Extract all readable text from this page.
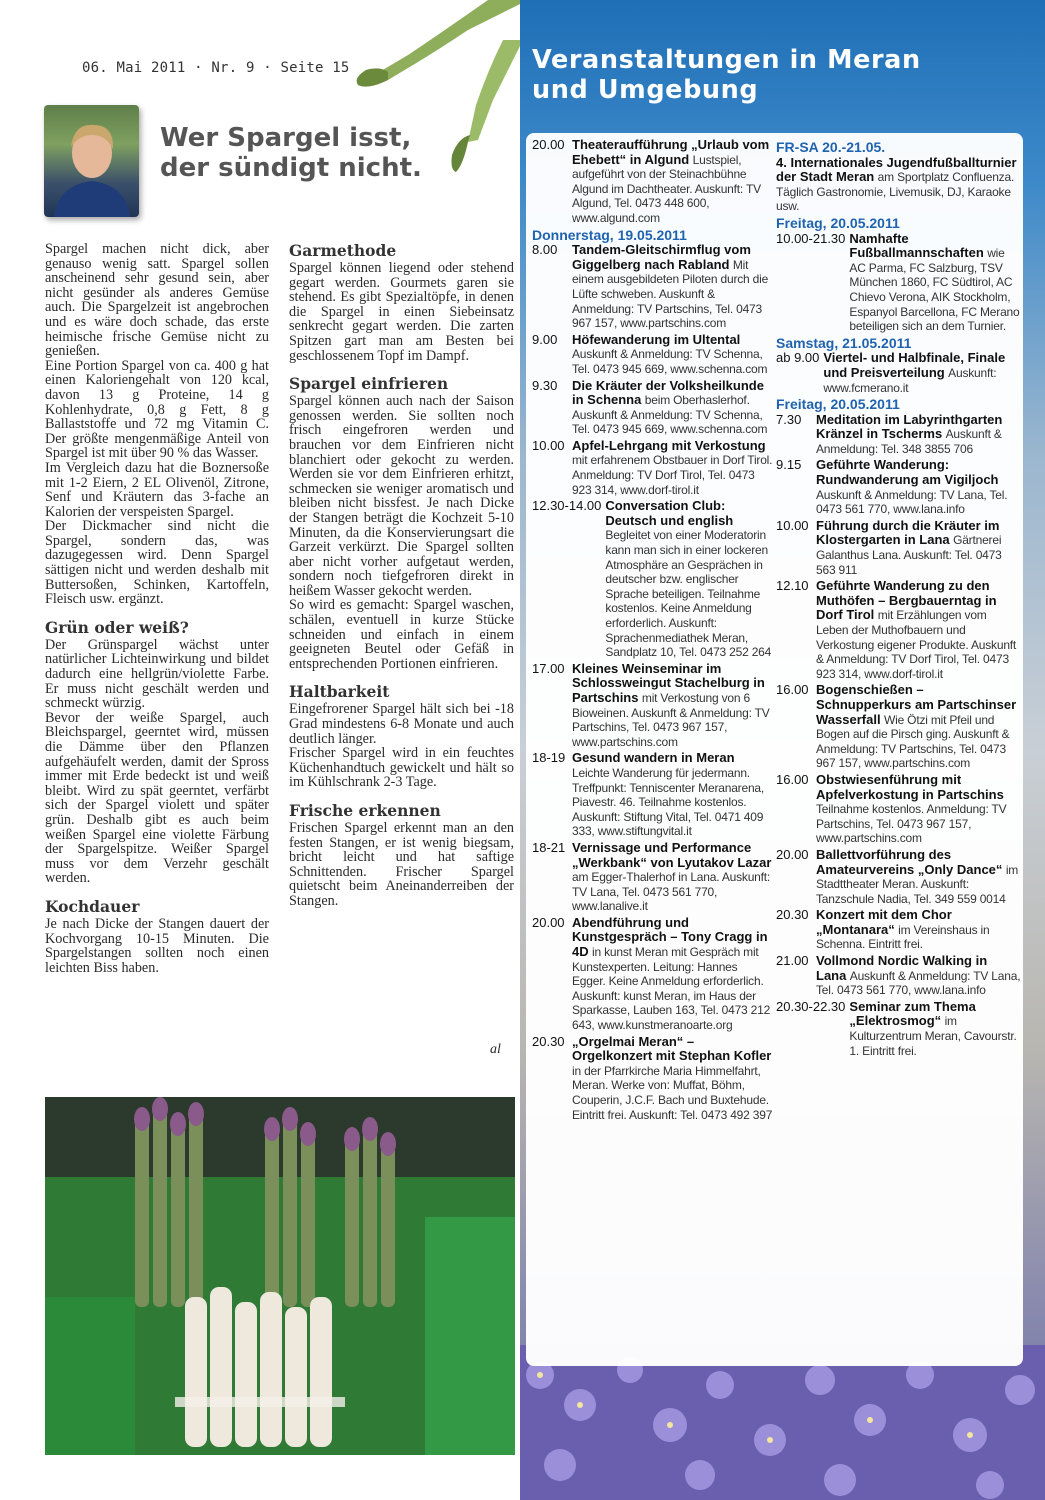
06. Mai 2011 · Nr. 9 · Seite 15
Wer Spargel isst,
der sündigt nicht.

Spargel machen nicht dick, aber genauso wenig satt. Spargel sollen anscheinend sehr gesund sein, aber nicht gesünder als anderes Gemüse auch. Die Spargelzeit ist angebrochen und es wäre doch schade, das erste heimische frische Gemüse nicht zu genießen.

Eine Portion Spargel von ca. 400 g hat einen Kaloriengehalt von 120 kcal, davon 13 g Proteine, 14 g Kohlenhydrate, 0,8 g Fett, 8 g Ballaststoffe und 72 mg Vitamin C. Der größte mengenmäßige Anteil von Spargel ist mit über 90 % das Wasser.

Im Vergleich dazu hat die Boznersoße mit 1-2 Eiern, 2 EL Olivenöl, Zitrone, Senf und Kräutern das 3-fache an Kalorien der verspeisten Spargel.

Der Dickmacher sind nicht die Spargel, sondern das, was dazugegessen wird. Denn Spargel sättigen nicht und werden deshalb mit Buttersoßen, Schinken, Kartoffeln, Fleisch usw. ergänzt.

Grün oder weiß?

Der Grünspargel wächst unter natürlicher Lichteinwirkung und bildet dadurch eine hellgrün/violette Farbe. Er muss nicht geschält werden und schmeckt würzig.

Bevor der weiße Spargel, auch Bleichspargel, geerntet wird, müssen die Dämme über den Pflanzen aufgehäufelt werden, damit der Spross immer mit Erde bedeckt ist und weiß bleibt. Wird zu spät geerntet, verfärbt sich der Spargel violett und später grün. Deshalb gibt es auch beim weißen Spargel eine violette Färbung der Spargelspitze. Weißer Spargel muss vor dem Verzehr geschält werden.

Kochdauer

Je nach Dicke der Stangen dauert der Kochvorgang 10-15 Minuten. Die Spargelstangen sollten noch einen leichten Biss haben.

Garmethode

Spargel können liegend oder stehend gegart werden. Gourmets garen sie stehend. Es gibt Spezialtöpfe, in denen die Spargel in einen Siebeinsatz senkrecht gegart werden. Die zarten Spitzen gart man am Besten bei geschlossenem Topf im Dampf.

Spargel einfrieren

Spargel können auch nach der Saison genossen werden. Sie sollten noch frisch eingefroren werden und brauchen vor dem Einfrieren nicht blanchiert oder gekocht zu werden. Werden sie vor dem Einfrieren erhitzt, schmecken sie weniger aromatisch und bleiben nicht bissfest. Je nach Dicke der Stangen beträgt die Kochzeit 5-10 Minuten, da die Konservierungsart die Garzeit verkürzt. Die Spargel sollten aber nicht vorher aufgetaut werden, sondern noch tiefgefroren direkt in heißem Wasser gekocht werden.

So wird es gemacht: Spargel waschen, schälen, eventuell in kurze Stücke schneiden und einfach in einem geeigneten Beutel oder Gefäß in entsprechenden Portionen einfrieren.

Haltbarkeit

Eingefrorener Spargel hält sich bei -18 Grad mindestens 6-8 Monate und auch deutlich länger.

Frischer Spargel wird in ein feuchtes Küchenhandtuch gewickelt und hält so im Kühlschrank 2-3 Tage.

Frische erkennen

Frischen Spargel erkennt man an den festen Stangen, er ist wenig biegsam, bricht leicht und hat saftige Schnittenden. Frischer Spargel quietscht beim Aneinanderreiben der Stangen.

al
Veranstaltungen in Meran
und Umgebung
20.00 Theateraufführung „Urlaub vom Ehebett“ in Algund Lustspiel, aufgeführt von der Steinachbühne Algund im Dachtheater. Auskunft: TV Algund, Tel. 0473 448 600, www.algund.com
Donnerstag, 19.05.2011
8.00	Tandem-Gleitschirmflug vom Giggelberg nach Rabland Mit einem ausgebildeten Piloten durch die Lüfte schweben. Auskunft & Anmeldung: TV Partschins, Tel. 0473 967 157, www.partschins.com
9.00	Höfewanderung im Ultental Auskunft & Anmeldung: TV Schenna, Tel. 0473 945 669, www.schenna.com
9.30	Die Kräuter der Volksheilkunde in Schenna beim Oberhaslerhof. Auskunft & Anmeldung: TV Schenna, Tel. 0473 945 669, www.schenna.com
10.00 Apfel-Lehrgang mit Verkostung mit erfahrenem Obstbauer in Dorf Tirol. Anmeldung: TV Dorf Tirol, Tel. 0473 923 314, www.dorf-tirol.it
12.30-14.00 Conversation Club: Deutsch und english Begleitet von einer Moderatorin kann man sich in einer lockeren Atmosphäre an Gesprächen in deutscher bzw. englischer Sprache beteiligen. Teilnahme kostenlos. Keine Anmeldung erforderlich. Auskunft: Sprachenmediathek Meran, Sandplatz 10, Tel. 0473 252 264
17.00 Kleines Weinseminar im Schlossweingut Stachelburg in Partschins mit Verkostung von 6 Bioweinen. Auskunft & Anmeldung: TV Partschins, Tel. 0473 967 157, www.partschins.com
18-19 Gesund wandern in Meran Leichte Wanderung für jedermann. Treffpunkt: Tenniscenter Meranarena, Piavestr. 46. Teilnahme kostenlos. Auskunft: Stiftung Vital, Tel. 0471 409 333, www.stiftungvital.it
18-21 Vernissage und Performance „Werkbank“ von Lyutakov Lazar am Egger-Thalerhof in Lana. Auskunft: TV Lana, Tel. 0473 561 770, www.lanalive.it
20.00 Abendführung und Kunstgespräch – Tony Cragg in 4D in kunst Meran mit Gespräch mit Kunstexperten. Leitung: Hannes Egger. Keine Anmeldung erforderlich. Auskunft: kunst Meran, im Haus der Sparkasse, Lauben 163, Tel. 0473 212 643, www.kunstmeranoarte.org
20.30 „Orgelmai Meran“ – Orgelkonzert mit Stephan Kofler in der Pfarrkirche Maria Himmelfahrt, Meran. Werke von: Muffat, Böhm, Couperin, J.C.F. Bach und Buxtehude. Eintritt frei. Auskunft: Tel. 0473 492 397
FR-SA 20.-21.05.
4. Internationales Jugendfußballturnier der Stadt Meran am Sportplatz Confluenza. Täglich Gastronomie, Livemusik, DJ, Karaoke usw.
Freitag, 20.05.2011
10.00-21.30 Namhafte Fußballmannschaften wie AC Parma, FC Salzburg, TSV München 1860, FC Südtirol, AC Chievo Verona, AIK Stockholm, Espanyol Barcellona, FC Merano beteiligen sich an dem Turnier.
Samstag, 21.05.2011
ab 9.00 Viertel- und Halbfinale, Finale und Preisverteilung Auskunft: www.fcmerano.it
Freitag, 20.05.2011
7.30	Meditation im Labyrinthgarten Kränzel in Tscherms Auskunft & Anmeldung: Tel. 348 3855 706
9.15	Geführte Wanderung: Rundwanderung am Vigiljoch Auskunft & Anmeldung: TV Lana, Tel. 0473 561 770, www.lana.info
10.00 Führung durch die Kräuter im Klostergarten in Lana Gärtnerei Galanthus Lana. Auskunft: Tel. 0473 563 911
12.10 Geführte Wanderung zu den Muthöfen – Bergbauerntag in Dorf Tirol mit Erzählungen vom Leben der Muthofbauern und Verkostung eigener Produkte. Auskunft & Anmeldung: TV Dorf Tirol, Tel. 0473 923 314, www.dorf-tirol.it
16.00 Bogenschießen – Schnupperkurs am Partschinser Wasserfall Wie Ötzi mit Pfeil und Bogen auf die Pirsch ging. Auskunft & Anmeldung: TV Partschins, Tel. 0473 967 157, www.partschins.com
16.00 Obstwiesenführung mit Apfelverkostung in Partschins Teilnahme kostenlos. Anmeldung: TV Partschins, Tel. 0473 967 157, www.partschins.com
20.00 Ballettvorführung des Amateurvereins „Only Dance“ im Stadttheater Meran. Auskunft: Tanzschule Nadia, Tel. 349 559 0014
20.30 Konzert mit dem Chor „Montanara“ im Vereinshaus in Schenna. Eintritt frei.
21.00 Vollmond Nordic Walking in Lana Auskunft & Anmeldung: TV Lana, Tel. 0473 561 770, www.lana.info
20.30-22.30 Seminar zum Thema „Elektrosmog“ im Kulturzentrum Meran, Cavourstr. 1. Eintritt frei.
